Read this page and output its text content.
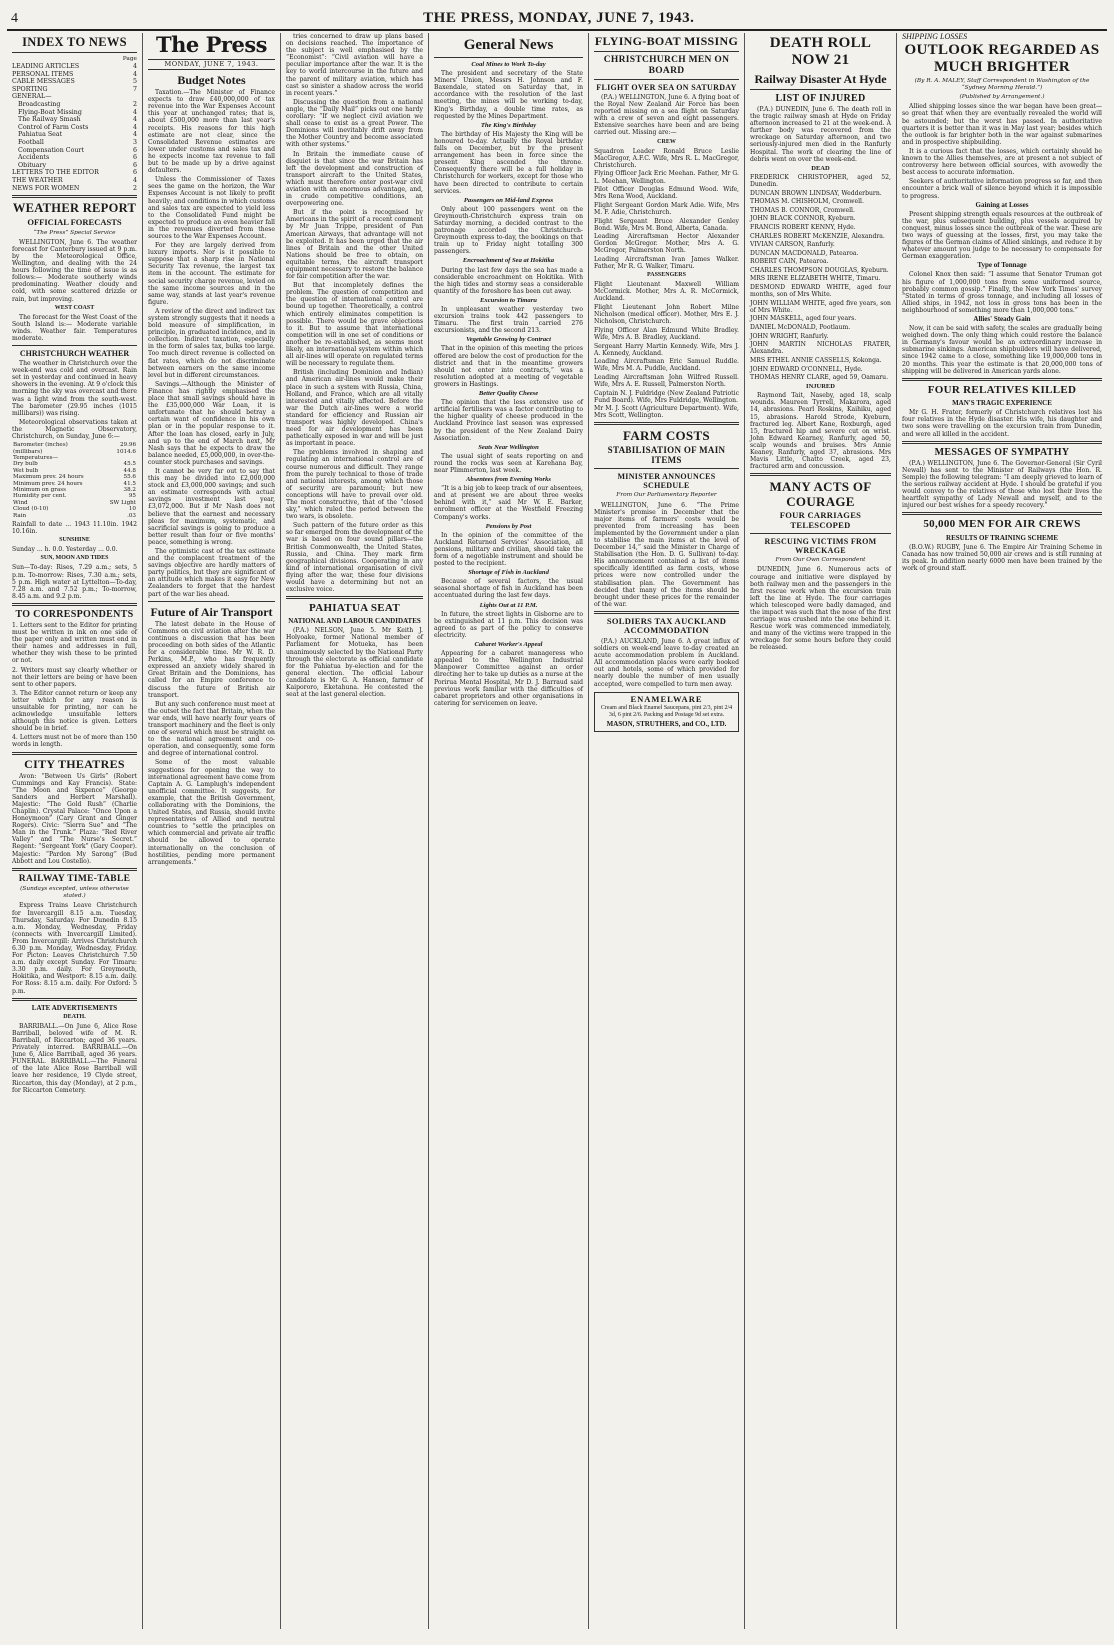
4	THE PRESS, MONDAY, JUNE 7, 1943.

INDEX TO NEWS
Page
LEADING ARTICLES	4
PERSONAL ITEMS	4
CABLE MESSAGES	5
SPORTING	7
GENERAL—
Broadcasting	2
Flying-Boat Missing	4
The Railway Smash	4
Control of Farm Costs	4
Pahiatua Seat	4
Football	3
Compensation Court	6
Accidents	6
Obituary	6
LETTERS TO THE EDITOR	6
THE WEATHER	4
NEWS FOR WOMEN	2
WEATHER REPORT
OFFICIAL FORECASTS
“The Press” Special Service

WELLINGTON, June 6. The weather forecast for Canterbury issued at 9 p.m. by the Meteorological Office, Wellington, and dealing with the 24 hours following the time of issue is as follows:— Moderate southerly winds predominating. Weather cloudy and cold, with some scattered drizzle or rain, but improving.

WEST COAST

The forecast for the West Coast of the South Island is:— Moderate variable winds. Weather fair. Temperatures moderate.

CHRISTCHURCH WEATHER

The weather in Christchurch over the week-end was cold and overcast. Rain set in yesterday and continued in heavy showers in the evening. At 9 o'clock this morning the sky was overcast and there was a light wind from the south-west. The barometer (29.95 inches (1015 millibars)) was rising.

Meteorological observations taken at the Magnetic Observatory, Christchurch, on Sunday, June 6:—

Barometer (inches)	29.96
(millibars)	1014.6
Temperatures—	
Dry bulb	45.5
Wet bulb	44.8
Maximum prev. 24 hours	55.6
Minimum prev. 24 hours	41.5
Minimum on grass	38.2
Humidity per cent.	95
Wind	SW Light
Cloud (0-10)	10
Rain	.03

Rainfall to date ... 1943 11.10in. 1942 10.16in.

SUNSHINE

Sunday ... h. 0.0. Yesterday ... 0.0.

SUN, MOON AND TIDES

Sun—To-day: Rises, 7.29 a.m.; sets, 5 p.m. To-morrow: Rises, 7.30 a.m.; sets, 5 p.m. High water at Lyttelton—To-day, 7.28 a.m. and 7.52 p.m.; To-morrow, 8.45 a.m. and 9.2 p.m.

TO CORRESPONDENTS

1. Letters sent to the Editor for printing must be written in ink on one side of the paper only and written must end in their names and addresses in full, whether they wish these to be printed or not.

2. Writers must say clearly whether or not their letters are being or have been sent to other papers.

3. The Editor cannot return or keep any letter which for any reason is unsuitable for printing, nor can he acknowledge unsuitable letters although this notice is given. Letters should be in brief.

4. Letters must not be of more than 150 words in length.

CITY THEATRES

Avon: “Between Us Girls” (Robert Cummings and Kay Francis). State: “The Moon and Sixpence” (George Sanders and Herbert Marshall). Majestic: “The Gold Rush” (Charlie Chaplin). Crystal Palace: “Once Upon a Honeymoon” (Cary Grant and Ginger Rogers). Civic: “Sierra Sue” and “The Man in the Trunk.” Plaza: “Red River Valley” and “The Nurse's Secret.” Regent: “Sergeant York” (Gary Cooper). Majestic: “Pardon My Sarong” (Bud Abbott and Lou Costello).

RAILWAY TIME-TABLE
(Sundays excepted, unless otherwise stated.)

Express Trains Leave Christchurch for Invercargill 8.15 a.m. Tuesday, Thursday, Saturday. For Dunedin 8.15 a.m. Monday, Wednesday, Friday (connects with Invercargill Limited). From Invercargill: Arrives Christchurch 6.30 p.m. Monday, Wednesday, Friday. For Picton: Leaves Christchurch 7.50 a.m. daily except Sunday. For Timaru: 3.30 p.m. daily. For Greymouth, Hokitika, and Westport: 8.15 a.m. daily. For Ross: 8.15 a.m. daily. For Oxford: 5 p.m.

LATE ADVERTISEMENTS
DEATH.

BARRIBALL.—On June 6, Alice Rose Barriball, beloved wife of M. R. Barriball, of Riccarton; aged 36 years. Privately interred. BARRIBALL.—On June 6, Alice Barriball, aged 36 years. FUNERAL. BARRIBALL.—The Funeral of the late Alice Rose Barriball will leave her residence, 19 Clyde street, Riccarton, this day (Monday), at 2 p.m., for Riccarton Cemetery.

The Press
MONDAY, JUNE 7, 1943.
Budget Notes

Taxation.—The Minister of Finance expects to draw £40,000,000 of tax revenue into the War Expenses Account this year at unchanged rates; that is, about £500,000 more than last year's receipts. His reasons for this high estimate are not clear, since the Consolidated Revenue estimates are lower under customs and sales tax and he expects income tax revenue to fall but to be made up by a drive against defaulters.

Unless the Commissioner of Taxes sees the game on the horizon, the War Expenses Account is not likely to profit heavily; and conditions in which customs and sales tax are expected to yield less to the Consolidated Fund might be expected to produce an even heavier fall in the revenues diverted from these sources to the War Expenses Account.

For they are largely derived from luxury imports. Nor is it possible to suppose that a sharp rise in National Security Tax revenue, the largest tax item in the account. The estimate for social security charge revenue, levied on the same income sources and in the same way, stands at last year's revenue figure.

A review of the direct and indirect tax system strongly suggests that it needs a bold measure of simplification, in principle, in graduated incidence, and in collection. Indirect taxation, especially in the form of sales tax, bulks too large. Too much direct revenue is collected on flat rates, which do not discriminate between earners on the same income level but in different circumstances.

Savings.—Although the Minister of Finance has rightly emphasised the place that small savings should have in the £35,000,000 War Loan, it is unfortunate that he should betray a certain want of confidence in his own plan or in the popular response to it. After the loan has closed, early in July, and up to the end of March next, Mr Nash says that he expects to draw the balance needed, £5,000,000, in over-the-counter stock purchases and savings.

It cannot be very far out to say that this may be divided into £2,000,000 stock and £3,000,000 savings; and such an estimate corresponds with actual savings investment last year, £3,072,000. But if Mr Nash does not believe that the earnest and necessary pleas for maximum, systematic, and sacrificial savings is going to produce a better result than four or five months' peace, something is wrong.

The optimistic cast of the tax estimate and the complacent treatment of the savings objective are hardly matters of party politics, but they are significant of an attitude which makes it easy for New Zealanders to forget that the hardest part of the war lies ahead.

Future of Air Transport

The latest debate in the House of Commons on civil aviation after the war continues a discussion that has been proceeding on both sides of the Atlantic for a considerable time. Mr W. R. D. Perkins, M.P., who has frequently expressed an anxiety widely shared in Great Britain and the Dominions, has called for an Empire conference to discuss the future of British air transport.

But any such conference must meet at the outset the fact that Britain, when the war ends, will have nearly four years of transport machinery and the fleet is only one of several which must be straight on to the national agreement and co-operation, and consequently, some form and degree of international control.

Some of the most valuable suggestions for opening the way to international agreement have come from Captain A. G. Lamplugh's independent unofficial committee. It suggests, for example, that the British Government, collaborating with the Dominions, the United States, and Russia, should invite representatives of Allied and neutral countries to “settle the principles on which commercial and private air traffic should be allowed to operate internationally on the conclusion of hostilities, pending more permanent arrangements.”

tries concerned to draw up plans based on decisions reached. The importance of the subject is well emphasised by the “Economist”: “Civil aviation will have a peculiar importance after the war. It is the key to world intercourse in the future and the parent of military aviation, which has cast so sinister a shadow across the world in recent years.”

Discussing the question from a national angle, the “Daily Mail” picks out one hardy corollary: “If we neglect civil aviation we shall cease to exist as a great Power. The Dominions will inevitably drift away from the Mother Country and become associated with other systems.”

In Britain the immediate cause of disquiet is that since the war Britain has left the development and construction of transport aircraft to the United States, which must therefore enter post-war civil aviation with an enormous advantage, and, in crude competitive conditions, an overpowering one.

But if the point is recognised by Americans in the spirit of a recent comment by Mr Juan Trippe, president of Pan American Airways, that advantage will not be exploited. It has been urged that the air lines of Britain and the other United Nations should be free to obtain, on equitable terms, the aircraft transport equipment necessary to restore the balance for fair competition after the war.

But that incompletely defines the problem. The question of competition and the question of international control are bound up together. Theoretically, a control which entirely eliminates competition is possible. There would be grave objections to it. But to assume that international competition will in one set of conditions or another be re-established, as seems most likely, an international system within which all air-lines will operate on regulated terms will be necessary to regulate them.

British (including Dominion and Indian) and American air-lines would make their place in such a system with Russia, China, Holland, and France, which are all vitally interested and vitally affected. Before the war the Dutch air-lines were a world standard for efficiency and Russian air transport was highly developed. China's need for air development has been pathetically exposed in war and will be just as important in peace.

The problems involved in shaping and regulating an international control are of course numerous and difficult. They range from the purely technical to those of trade and national interests, among which those of security are paramount; but new conceptions will have to prevail over old. The most constructive, that of the “closed sky,” which ruled the period between the two wars, is obsolete.

Such pattern of the future order as this so far emerged from the development of the war is based on four sound pillars—the British Commonwealth, the United States, Russia, and China. They mark firm geographical divisions. Cooperating in any kind of international organisation of civil flying after the war, these four divisions would have a determining but not an exclusive voice.

PAHIATUA SEAT
NATIONAL AND LABOUR CANDIDATES

(P.A.) NELSON, June 5. Mr Keith J. Holyoake, former National member of Parliament for Motueka, has been unanimously selected by the National Party through the electorate as official candidate for the Pahiatua by-election and for the general election. The official Labour candidate is Mr G. A. Hansen, farmer of Kaipororo, Eketahuna. He contested the seat at the last general election.

General News
Coal Mines to Work To-day

The president and secretary of the State Miners' Union, Messrs H. Johnson and F. Baxendale, stated on Saturday that, in accordance with the resolution of the last meeting, the mines will be working to-day, King's Birthday, a double time rates, as requested by the Mines Department.

The King's Birthday

The birthday of His Majesty the King will be honoured to-day. Actually the Royal birthday falls on December, but by the present arrangement has been in force since the present King ascended the throne. Consequently there will be a full holiday in Christchurch for workers, except for those who have been directed to contribute to certain services.

Passengers on Mid-land Express

Only about 100 passengers went on the Greymouth-Christchurch express train on Saturday morning, a decided contrast to the patronage accorded the Christchurch-Greymouth express to-day, the bookings on that train up to Friday night totalling 300 passengers.

Encroachment of Sea at Hokitika

During the last few days the sea has made a considerable encroachment on Hokitika. With the high tides and stormy seas a considerable quantity of the foreshore has been cut away.

Excursion to Timaru

In unpleasant weather yesterday two excursion trains took 442 passengers to Timaru. The first train carried 276 excursionists, and the second 213.

Vegetable Growing by Contract

That in the opinion of this meeting the prices offered are below the cost of production for the district and that in the meantime growers should not enter into contracts,” was a resolution adopted at a meeting of vegetable growers in Hastings.

Better Quality Cheese

The opinion that the less extensive use of artificial fertilisers was a factor contributing to the higher quality of cheese produced in the Auckland Province last season was expressed by the president of the New Zealand Dairy Association.

Seats Near Wellington

The usual sight of seats reporting on and round the rocks was seen at Karehana Bay, near Plimmerton, last week.

Absentees from Evening Works

“It is a big job to keep track of our absentees, and at present we are about three weeks behind with it,” said Mr W. E. Barker, enrolment officer at the Westfield Freezing Company's works.

Pensions by Post

In the opinion of the committee of the Auckland Returned Services' Association, all pensions, military and civilian, should take the form of a negotiable instrument and should be posted to the recipient.

Shortage of Fish in Auckland

Because of several factors, the usual seasonal shortage of fish in Auckland has been accentuated during the last few days.

Lights Out at 11 P.M.

In future, the street lights in Gisborne are to be extinguished at 11 p.m. This decision was agreed to as part of the policy to conserve electricity.

Cabaret Worker's Appeal

Appearing for a cabaret manageress who appealed to the Wellington Industrial Manpower Committee against an order directing her to take up duties as a nurse at the Porirua Mental Hospital, Mr D. J. Barraud said previous work familiar with the difficulties of cabaret proprietors and other organisations in catering for servicemen on leave.

FLYING-BOAT MISSING
CHRISTCHURCH MEN ON BOARD
FLIGHT OVER SEA ON SATURDAY

(P.A.) WELLINGTON, June 6. A flying boat of the Royal New Zealand Air Force has been reported missing on a sea flight on Saturday with a crew of seven and eight passengers. Extensive searches have been and are being carried out. Missing are:—

CREW

Squadron Leader Ronald Bruce Leslie MacGregor, A.F.C. Wife, Mrs R. L. MacGregor, Christchurch.

Flying Officer Jack Eric Meehan. Father, Mr G. L. Meehan, Wellington.

Pilot Officer Douglas Edmund Wood. Wife, Mrs Rena Wood, Auckland.

Flight Sergeant Gordon Mark Adie. Wife, Mrs M. F. Adie, Christchurch.

Flight Sergeant Bruce Alexander Genley Bond. Wife, Mrs M. Bond, Alberta, Canada.

Leading Aircraftsman Hector Alexander Gordon McGregor. Mother, Mrs A. G. McGregor, Palmerston North.

Leading Aircraftsman Ivan James Walker. Father, Mr R. G. Walker, Timaru.

PASSENGERS

Flight Lieutenant Maxwell William McCormick. Mother, Mrs A. R. McCormick, Auckland.

Flight Lieutenant John Robert Milne Nicholson (medical officer). Mother, Mrs E. J. Nicholson, Christchurch.

Flying Officer Alan Edmund White Bradley. Wife, Mrs A. B. Bradley, Auckland.

Sergeant Harry Martin Kennedy. Wife, Mrs J. A. Kennedy, Auckland.

Leading Aircraftsman Eric Samuel Ruddle. Wife, Mrs M. A. Puddle, Auckland.

Leading Aircraftsman John Wilfred Russell. Wife, Mrs A. E. Russell, Palmerston North.

Captain N. J. Fuldridge (New Zealand Patriotic Fund Board). Wife, Mrs Fuldridge, Wellington.

Mr M. J. Scott (Agriculture Department). Wife, Mrs Scott, Wellington.

FARM COSTS
STABILISATION OF MAIN ITEMS
MINISTER ANNOUNCES SCHEDULE
From Our Parliamentary Reporter

WELLINGTON, June 6. “The Prime Minister's promise in December that the major items of farmers' costs would be prevented from increasing has been implemented by the Government under a plan to stabilise the main items at the level of December 14,” said the Minister in Charge of Stabilisation (the Hon. D. G. Sullivan) to-day. His announcement contained a list of items specifically identified as farm costs, whose prices were now controlled under the stabilisation plan. The Government has decided that many of the items should be brought under these prices for the remainder of the war.

SOLDIERS TAX AUCKLAND ACCOMMODATION

(P.A.) AUCKLAND, June 6. A great influx of soldiers on week-end leave to-day created an acute accommodation problem in Auckland. All accommodation places were early booked out and hotels, some of which provided for nearly double the number of men usually accepted, were compelled to turn men away.

ENAMELWARE
Cream and Black Enamel Saucepans, pint 2/3, pint 2/4 3d, 6 pint 2/6. Packing and Postage 9d set extra.
MASON, STRUTHERS, and CO., LTD.
DEATH ROLL NOW 21
Railway Disaster At Hyde
LIST OF INJURED

(P.A.) DUNEDIN, June 6. The death roll in the tragic railway smash at Hyde on Friday afternoon increased to 21 at the week-end. A further body was recovered from the wreckage on Saturday afternoon, and two seriously-injured men died in the Ranfurly Hospital. The work of clearing the line of debris went on over the week-end.

DEAD

FREDERICK CHRISTOPHER, aged 52, Dunedin.

DUNCAN BROWN LINDSAY, Wedderburn.

THOMAS M. CHISHOLM, Cromwell.

THOMAS B. CONNOR, Cromwell.

JOHN BLACK CONNOR, Kyeburn.

FRANCIS ROBERT KENNY, Hyde.

CHARLES ROBERT McKENZIE, Alexandra.

VIVIAN CARSON, Ranfurly.

DUNCAN MACDONALD, Patearoa.

ROBERT CAIN, Patearoa.

CHARLES THOMPSON DOUGLAS, Kyeburn.

MRS IRENE ELIZABETH WHITE, Timaru.

DESMOND EDWARD WHITE, aged four months, son of Mrs White.

JOHN WILLIAM WHITE, aged five years, son of Mrs White.

JOHN MASKELL, aged four years.

DANIEL McDONALD, Pootlaum.

JOHN WRIGHT, Ranfurly.

JOHN MARTIN NICHOLAS FRATER, Alexandra.

MRS ETHEL ANNIE CASSELLS, Kokonga.

JOHN EDWARD O'CONNELL, Hyde.

THOMAS HENRY CLARE, aged 59, Oamaru.

INJURED

Raymond Tait, Naseby, aged 18, scalp wounds. Maureen Tyrrell, Makarora, aged 14, abrasions. Pearl Roskins, Kaihiku, aged 15, abrasions. Harold Strode, Kyeburn, fractured leg. Albert Kane, Roxburgh, aged 15, fractured hip and severe cut on wrist. John Edward Kearney, Ranfurly, aged 50, scalp wounds and bruises. Mrs Annie Keaney, Ranfurly, aged 37, abrasions. Mrs Mavis Little, Chatto Creek, aged 23, fractured arm and concussion.

MANY ACTS OF COURAGE
FOUR CARRIAGES TELESCOPED
RESCUING VICTIMS FROM WRECKAGE
From Our Own Correspondent

DUNEDIN, June 6. Numerous acts of courage and initiative were displayed by both railway men and the passengers in the first rescue work when the excursion train left the line at Hyde. The four carriages which telescoped were badly damaged, and the impact was such that the nose of the first carriage was crushed into the one behind it. Rescue work was commenced immediately, and many of the victims were trapped in the wreckage for some hours before they could be released.

SHIPPING LOSSES
OUTLOOK REGARDED AS MUCH BRIGHTER
(By R. A. MALEY, Staff Correspondent in Washington of the “Sydney Morning Herald.”)
(Published by Arrangement.)

Allied shipping losses since the war began have been great—so great that when they are eventually revealed the world will be astounded; but the worst has passed. In authoritative quarters it is better than it was in May last year; besides which the outlook is far brighter both in the war against submarines and in prospective shipbuilding.

It is a curious fact that the losses, which certainly should be known to the Allies themselves, are at present a not subject of controversy here between official sources, with avowedly the best access to accurate information.

Seekers of authoritative information progress so far, and then encounter a brick wall of silence beyond which it is impossible to progress.

Gaining at Losses

Present shipping strength equals resources at the outbreak of the war, plus subsequent building, plus vessels acquired by conquest, minus losses since the outbreak of the war. These are two ways of guessing at the losses, first, you may take the figures of the German claims of Allied sinkings, and reduce it by whatever amount you judge to be necessary to compensate for German exaggeration.

Type of Tonnage

Colonel Knox then said: “I assume that Senator Truman got his figure of 1,000,000 tons from some uniformed source, probably common gossip.” Finally, the New York Times' survey “Stated in terms of gross tonnage, and including all losses of Allied ships, in 1942, not loss in gross tons has been in the neighbourhood of something more than 1,000,000 tons.”

Allies' Steady Gain

Now, it can be said with safety, the scales are gradually being weighed down. The only thing which could restore the balance in Germany's favour would be an extraordinary increase in submarine sinkings. American shipbuilders will have delivered, since 1942 came to a close, something like 19,000,000 tons in 20 months. This year the estimate is that 20,000,000 tons of shipping will be delivered in American yards alone.

FOUR RELATIVES KILLED
MAN'S TRAGIC EXPERIENCE

Mr G. H. Frater, formerly of Christchurch relatives lost his four relatives in the Hyde disaster. His wife, his daughter and two sons were travelling on the excursion train from Dunedin, and were all killed in the accident.

MESSAGES OF SYMPATHY

(P.A.) WELLINGTON, June 6. The Governor-General (Sir Cyril Newall) has sent to the Minister of Railways (the Hon. R. Semple) the following telegram: “I am deeply grieved to learn of the serious railway accident at Hyde. I should be grateful if you would convey to the relatives of those who lost their lives the heartfelt sympathy of Lady Newall and myself, and to the injured our best wishes for a speedy recovery.”

50,000 MEN FOR AIR CREWS
RESULTS OF TRAINING SCHEME

(B.O.W.) RUGBY, June 6. The Empire Air Training Scheme in Canada has now trained 50,000 air crews and is still running at its peak. In addition nearly 6000 men have been trained by the work of ground staff.
